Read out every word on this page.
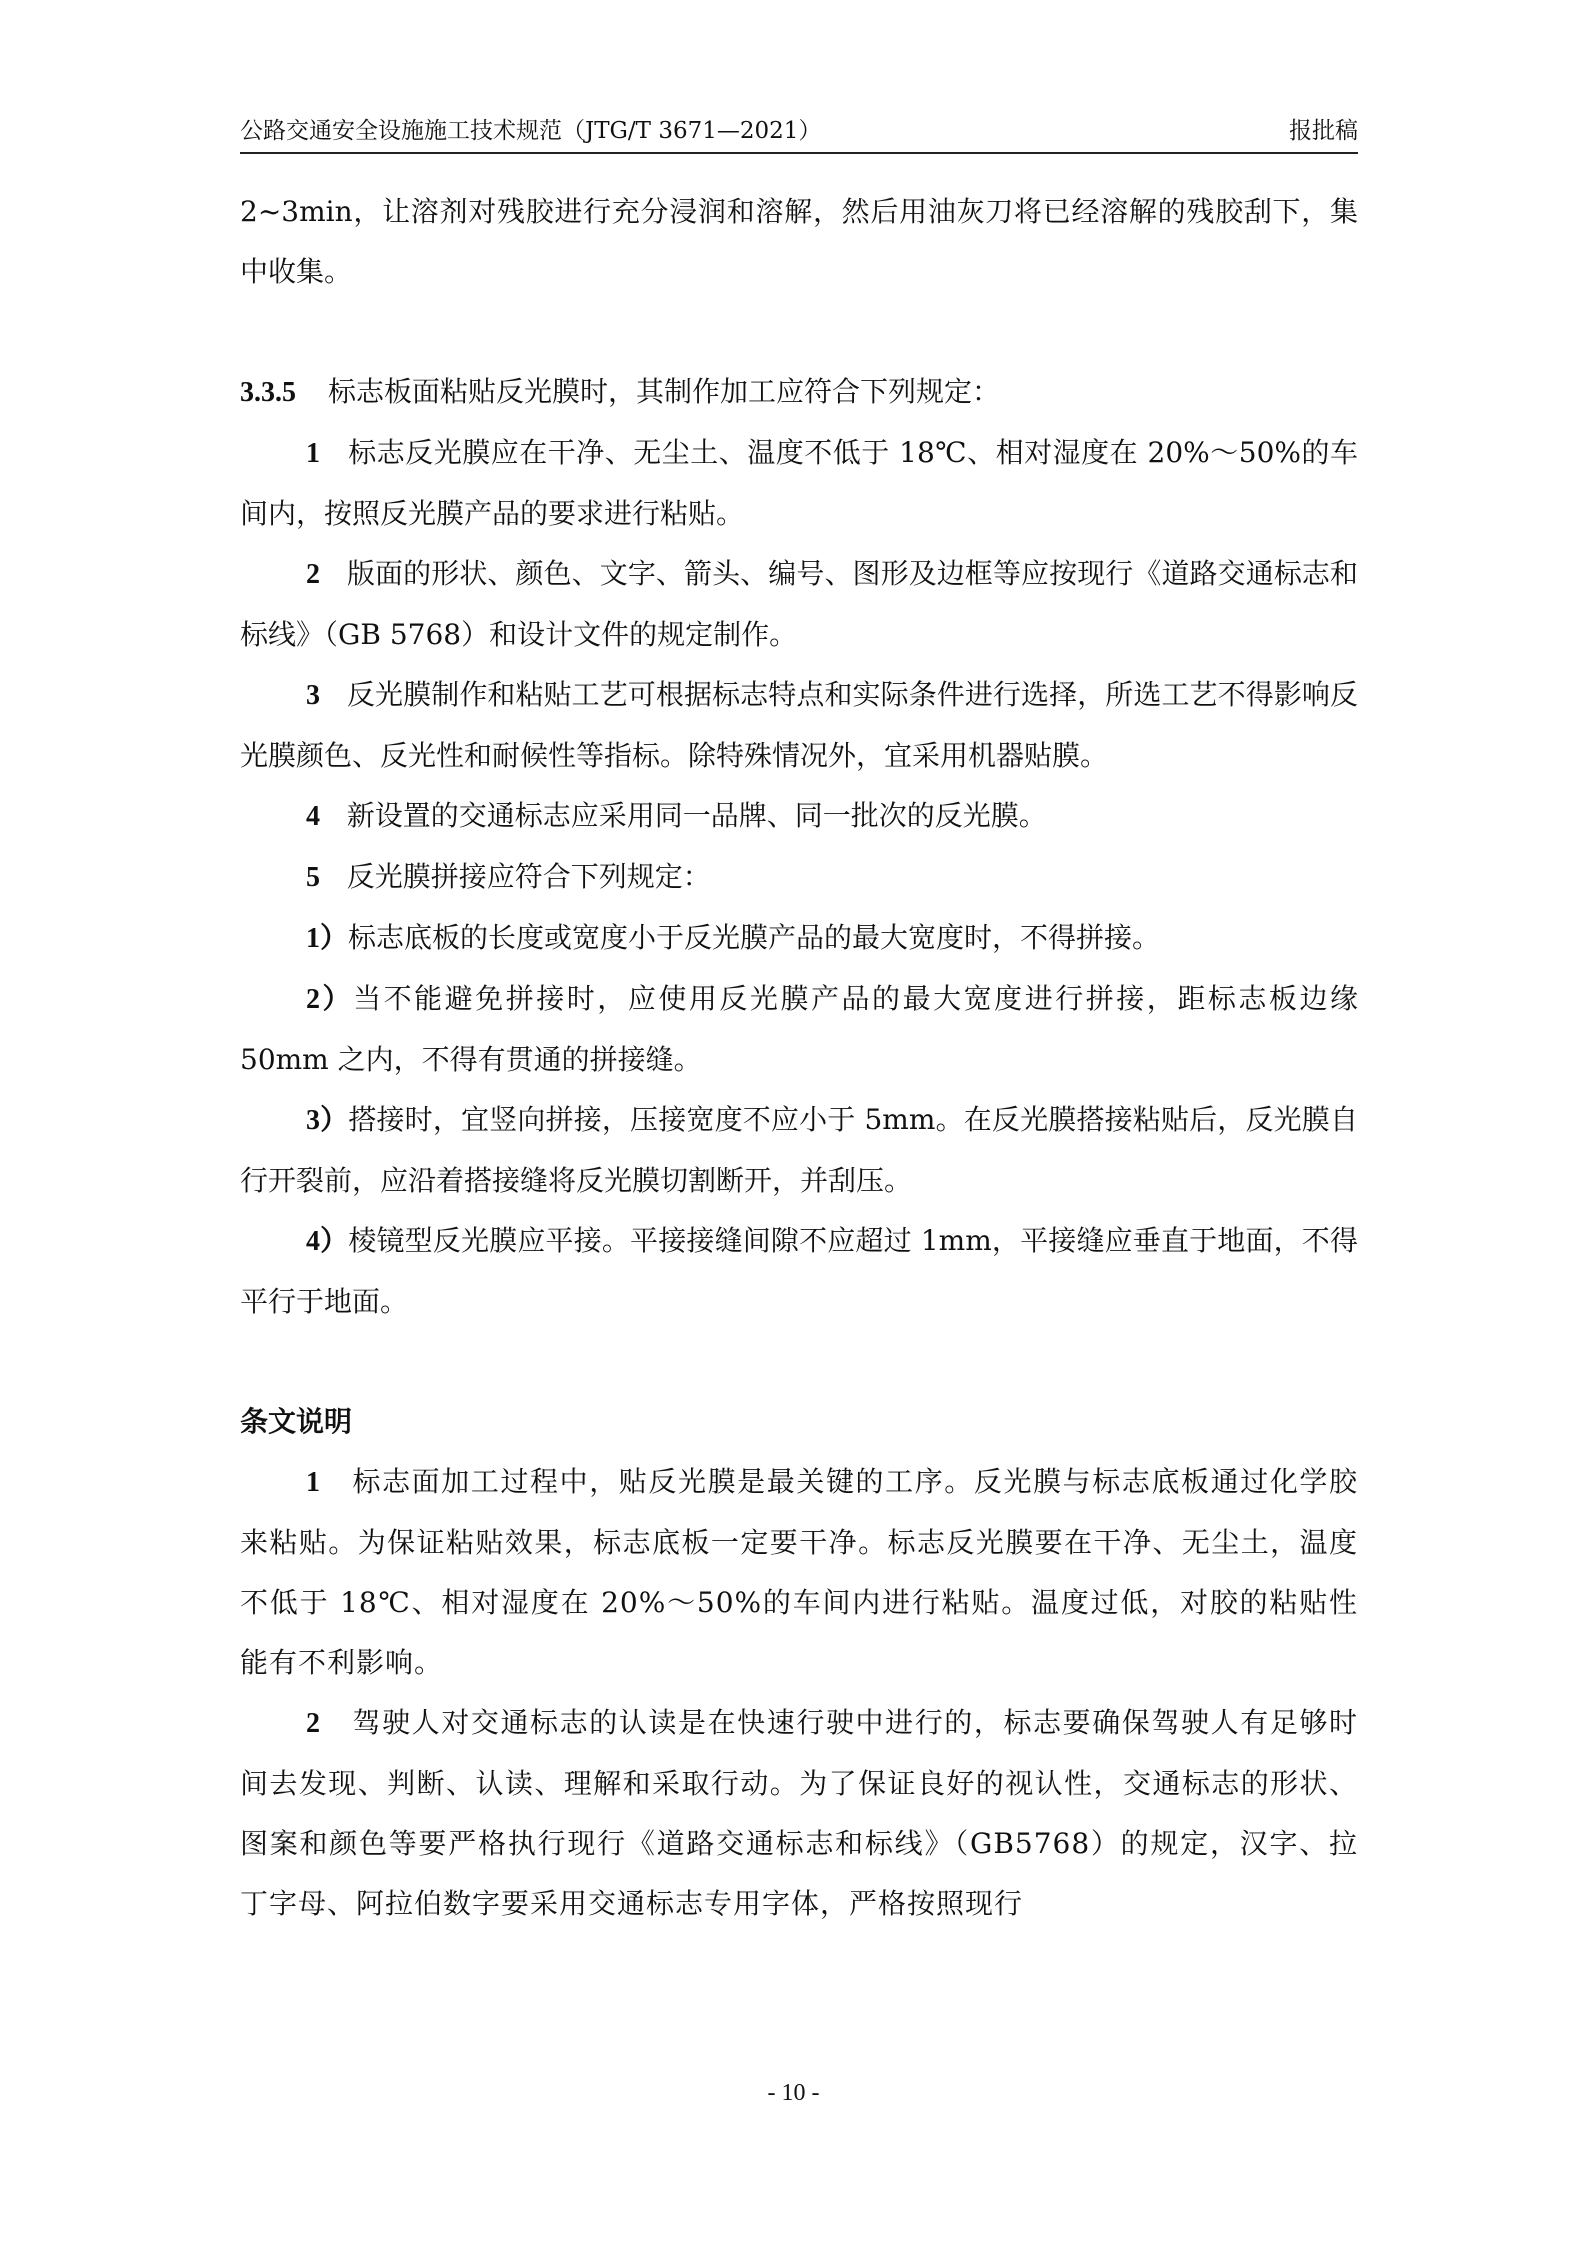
公路交通安全设施施工技术规范（JTG/T 3671—2021）	报批稿

2~3min，让溶剂对残胶进行充分浸润和溶解，然后用油灰刀将已经溶解的残胶刮下，集中收集。

3.3.5 标志板面粘贴反光膜时，其制作加工应符合下列规定：

1 标志反光膜应在干净、无尘土、温度不低于 18℃、相对湿度在 20%～50%的车间内，按照反光膜产品的要求进行粘贴。

2 版面的形状、颜色、文字、箭头、编号、图形及边框等应按现行《道路交通标志和标线》（GB 5768）和设计文件的规定制作。

3 反光膜制作和粘贴工艺可根据标志特点和实际条件进行选择，所选工艺不得影响反光膜颜色、反光性和耐候性等指标。除特殊情况外，宜采用机器贴膜。

4 新设置的交通标志应采用同一品牌、同一批次的反光膜。

5 反光膜拼接应符合下列规定：

1）标志底板的长度或宽度小于反光膜产品的最大宽度时，不得拼接。

2）当不能避免拼接时，应使用反光膜产品的最大宽度进行拼接，距标志板边缘 50mm 之内，不得有贯通的拼接缝。

3）搭接时，宜竖向拼接，压接宽度不应小于 5mm。在反光膜搭接粘贴后，反光膜自行开裂前，应沿着搭接缝将反光膜切割断开，并刮压。

4）棱镜型反光膜应平接。平接接缝间隙不应超过 1mm，平接缝应垂直于地面，不得平行于地面。

条文说明

1 标志面加工过程中，贴反光膜是最关键的工序。反光膜与标志底板通过化学胶来粘贴。为保证粘贴效果，标志底板一定要干净。标志反光膜要在干净、无尘土，温度不低于 18℃、相对湿度在 20%～50%的车间内进行粘贴。温度过低，对胶的粘贴性能有不利影响。

2 驾驶人对交通标志的认读是在快速行驶中进行的，标志要确保驾驶人有足够时间去发现、判断、认读、理解和采取行动。为了保证良好的视认性，交通标志的形状、图案和颜色等要严格执行现行《道路交通标志和标线》（GB5768）的规定，汉字、拉丁字母、阿拉伯数字要采用交通标志专用字体，严格按照现行

- 10 -
